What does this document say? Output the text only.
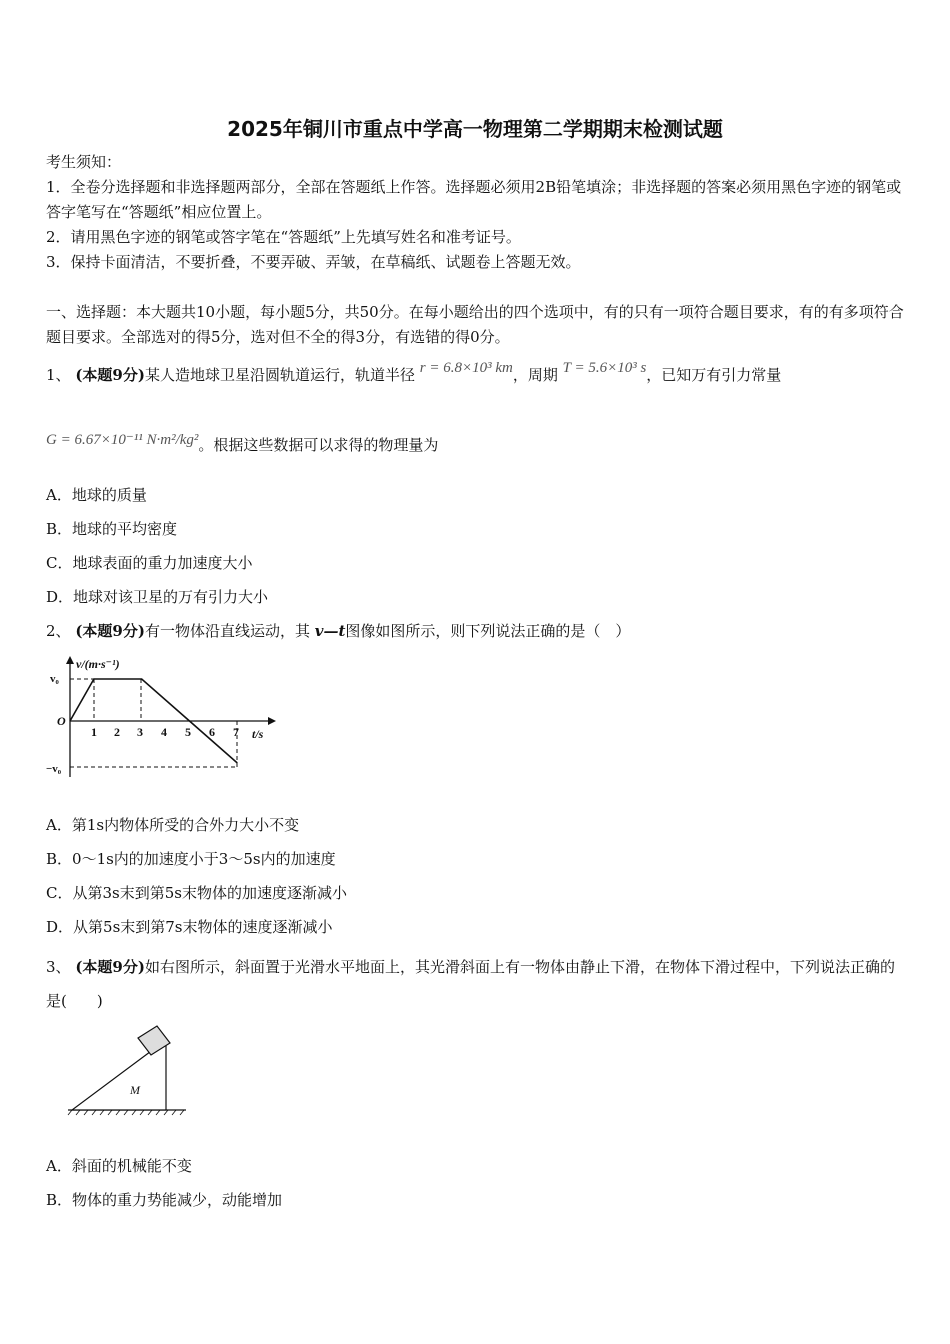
2025年铜川市重点中学高一物理第二学期期末检测试题
考生须知：
1．全卷分选择题和非选择题两部分，全部在答题纸上作答。选择题必须用2B铅笔填涂；非选择题的答案必须用黑色字迹的钢笔或答字笔写在“答题纸”相应位置上。
2．请用黑色字迹的钢笔或答字笔在“答题纸”上先填写姓名和准考证号。
3．保持卡面清洁，不要折叠，不要弄破、弄皱，在草稿纸、试题卷上答题无效。
一、选择题：本大题共10小题，每小题5分，共50分。在每小题给出的四个选项中，有的只有一项符合题目要求，有的有多项符合题目要求。全部选对的得5分，选对但不全的得3分，有选错的得0分。
1、 (本题9分)某人造地球卫星沿圆轨道运行，轨道半径 r = 6.8×10³ km，周期 T = 5.6×10³ s，已知万有引力常量
G = 6.67×10⁻¹¹ N·m²/kg²。根据这些数据可以求得的物理量为
A．地球的质量
B．地球的平均密度
C．地球表面的重力加速度大小
D．地球对该卫星的万有引力大小
2、 (本题9分)有一物体沿直线运动，其 v—t图像如图所示，则下列说法正确的是（　）
v/(m·s⁻¹)
t/s
O
v₀
−v₀
1 2 3 4 5 6 7
A．第1s内物体所受的合外力大小不变
B．0～1s内的加速度小于3～5s内的加速度
C．从第3s末到第5s末物体的加速度逐渐减小
D．从第5s末到第7s末物体的速度逐渐减小
3、 (本题9分)如右图所示，斜面置于光滑水平地面上，其光滑斜面上有一物体由静止下滑，在物体下滑过程中，下列说法正确的是(　　)
M
A．斜面的机械能不变
B．物体的重力势能减少，动能增加
